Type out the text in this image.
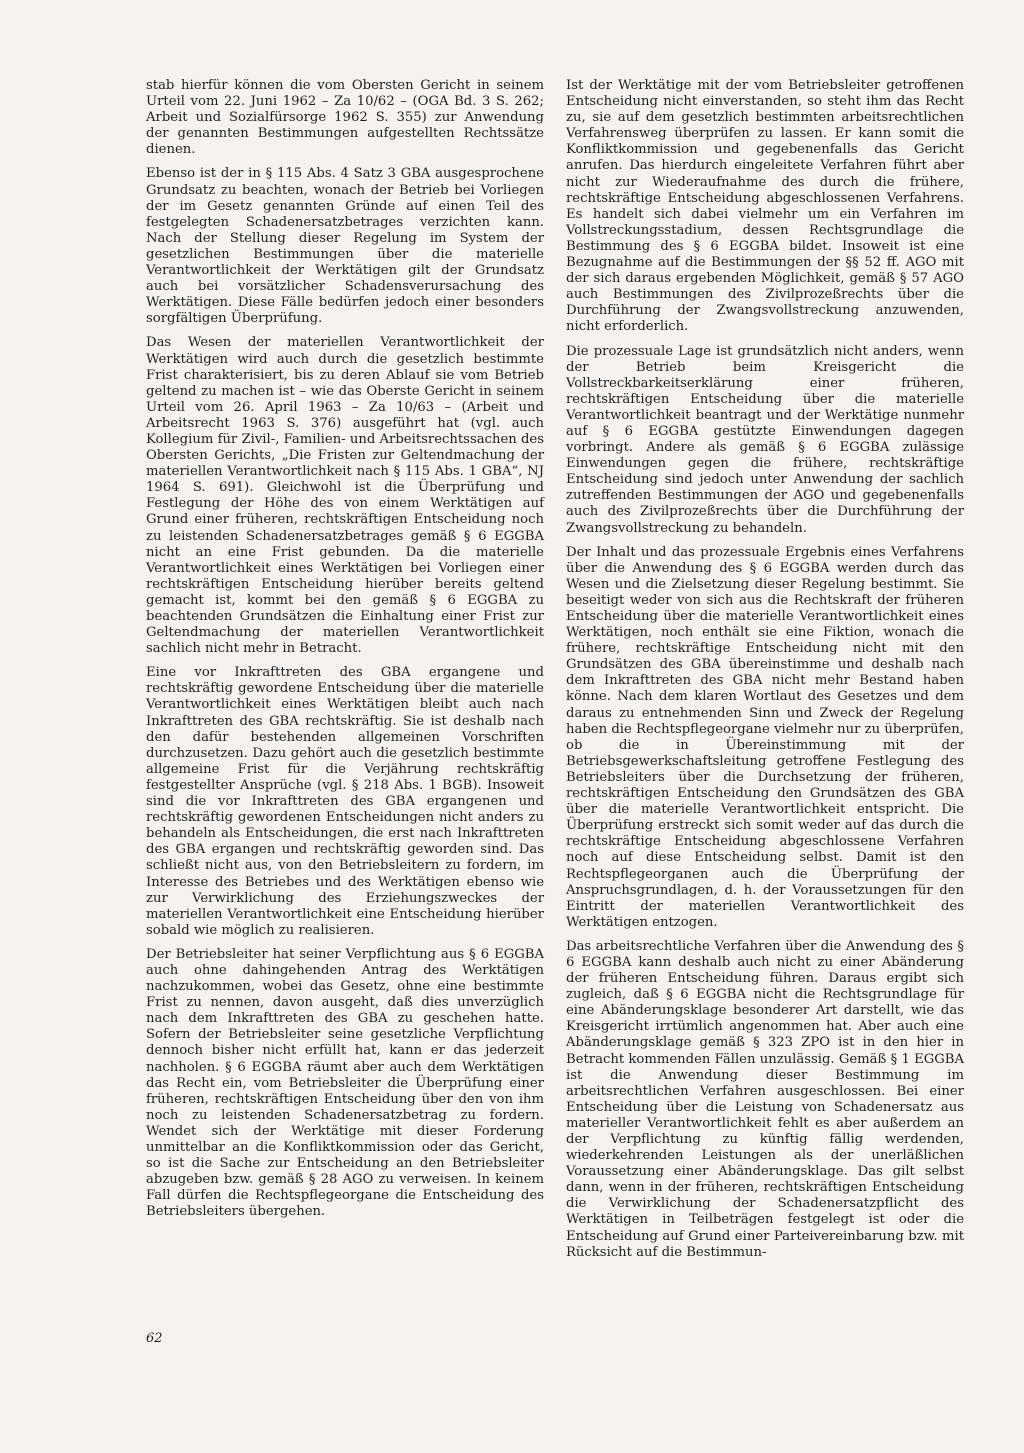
stab hierfür können die vom Obersten Gericht in seinem Urteil vom 22. Juni 1962 – Za 10/62 – (OGA Bd. 3 S. 262; Arbeit und Sozialfürsorge 1962 S. 355) zur Anwendung der genannten Bestimmungen aufgestellten Rechtssätze dienen.

Ebenso ist der in § 115 Abs. 4 Satz 3 GBA ausgesprochene Grundsatz zu beachten, wonach der Betrieb bei Vorliegen der im Gesetz genannten Gründe auf einen Teil des festgelegten Schadenersatzbetrages verzichten kann. Nach der Stellung dieser Regelung im System der gesetzlichen Bestimmungen über die materielle Verantwortlichkeit der Werktätigen gilt der Grundsatz auch bei vorsätzlicher Schadensverursachung des Werktätigen. Diese Fälle bedürfen jedoch einer besonders sorgfältigen Überprüfung.

Das Wesen der materiellen Verantwortlichkeit der Werktätigen wird auch durch die gesetzlich bestimmte Frist charakterisiert, bis zu deren Ablauf sie vom Betrieb geltend zu machen ist – wie das Oberste Gericht in seinem Urteil vom 26. April 1963 – Za 10/63 – (Arbeit und Arbeitsrecht 1963 S. 376) ausgeführt hat (vgl. auch Kollegium für Zivil-, Familien- und Arbeitsrechtssachen des Obersten Gerichts, „Die Fristen zur Geltendmachung der materiellen Verantwortlichkeit nach § 115 Abs. 1 GBA“, NJ 1964 S. 691). Gleichwohl ist die Überprüfung und Festlegung der Höhe des von einem Werktätigen auf Grund einer früheren, rechtskräftigen Entscheidung noch zu leistenden Schadenersatzbetrages gemäß § 6 EGGBA nicht an eine Frist gebunden. Da die materielle Verantwortlichkeit eines Werktätigen bei Vorliegen einer rechtskräftigen Entscheidung hierüber bereits geltend gemacht ist, kommt bei den gemäß § 6 EGGBA zu beachtenden Grundsätzen die Einhaltung einer Frist zur Geltendmachung der materiellen Verantwortlichkeit sachlich nicht mehr in Betracht.

Eine vor Inkrafttreten des GBA ergangene und rechtskräftig gewordene Entscheidung über die materielle Verantwortlichkeit eines Werktätigen bleibt auch nach Inkrafttreten des GBA rechtskräftig. Sie ist deshalb nach den dafür bestehenden allgemeinen Vorschriften durchzusetzen. Dazu gehört auch die gesetzlich bestimmte allgemeine Frist für die Verjährung rechtskräftig festgestellter Ansprüche (vgl. § 218 Abs. 1 BGB). Insoweit sind die vor Inkrafttreten des GBA ergangenen und rechtskräftig gewordenen Entscheidungen nicht anders zu behandeln als Entscheidungen, die erst nach Inkrafttreten des GBA ergangen und rechtskräftig geworden sind. Das schließt nicht aus, von den Betriebsleitern zu fordern, im Interesse des Betriebes und des Werktätigen ebenso wie zur Verwirklichung des Erziehungszweckes der materiellen Verantwortlichkeit eine Entscheidung hierüber sobald wie möglich zu realisieren.

Der Betriebsleiter hat seiner Verpflichtung aus § 6 EGGBA auch ohne dahingehenden Antrag des Werktätigen nachzukommen, wobei das Gesetz, ohne eine bestimmte Frist zu nennen, davon ausgeht, daß dies unverzüglich nach dem Inkrafttreten des GBA zu geschehen hatte. Sofern der Betriebsleiter seine gesetzliche Verpflichtung dennoch bisher nicht erfüllt hat, kann er das jederzeit nachholen. § 6 EGGBA räumt aber auch dem Werktätigen das Recht ein, vom Betriebsleiter die Überprüfung einer früheren, rechtskräftigen Entscheidung über den von ihm noch zu leistenden Schadenersatzbetrag zu fordern. Wendet sich der Werktätige mit dieser Forderung unmittelbar an die Konfliktkommission oder das Gericht, so ist die Sache zur Entscheidung an den Betriebsleiter abzugeben bzw. gemäß § 28 AGO zu verweisen. In keinem Fall dürfen die Rechtspflegeorgane die Entscheidung des Betriebsleiters übergehen.

Ist der Werktätige mit der vom Betriebsleiter getroffenen Entscheidung nicht einverstanden, so steht ihm das Recht zu, sie auf dem gesetzlich bestimmten arbeitsrechtlichen Verfahrensweg überprüfen zu lassen. Er kann somit die Konfliktkommission und gegebenenfalls das Gericht anrufen. Das hierdurch eingeleitete Verfahren führt aber nicht zur Wiederaufnahme des durch die frühere, rechtskräftige Entscheidung abgeschlossenen Verfahrens. Es handelt sich dabei vielmehr um ein Verfahren im Vollstreckungsstadium, dessen Rechtsgrundlage die Bestimmung des § 6 EGGBA bildet. Insoweit ist eine Bezugnahme auf die Bestimmungen der §§ 52 ff. AGO mit der sich daraus ergebenden Möglichkeit, gemäß § 57 AGO auch Bestimmungen des Zivilprozeßrechts über die Durchführung der Zwangsvollstreckung anzuwenden, nicht erforderlich.

Die prozessuale Lage ist grundsätzlich nicht anders, wenn der Betrieb beim Kreisgericht die Vollstreckbarkeitserklärung einer früheren, rechtskräftigen Entscheidung über die materielle Verantwortlichkeit beantragt und der Werktätige nunmehr auf § 6 EGGBA gestützte Einwendungen dagegen vorbringt. Andere als gemäß § 6 EGGBA zulässige Einwendungen gegen die frühere, rechtskräftige Entscheidung sind jedoch unter Anwendung der sachlich zutreffenden Bestimmungen der AGO und gegebenenfalls auch des Zivilprozeßrechts über die Durchführung der Zwangsvollstreckung zu behandeln.

Der Inhalt und das prozessuale Ergebnis eines Verfahrens über die Anwendung des § 6 EGGBA werden durch das Wesen und die Zielsetzung dieser Regelung bestimmt. Sie beseitigt weder von sich aus die Rechtskraft der früheren Entscheidung über die materielle Verantwortlichkeit eines Werktätigen, noch enthält sie eine Fiktion, wonach die frühere, rechtskräftige Entscheidung nicht mit den Grundsätzen des GBA übereinstimme und deshalb nach dem Inkrafttreten des GBA nicht mehr Bestand haben könne. Nach dem klaren Wortlaut des Gesetzes und dem daraus zu entnehmenden Sinn und Zweck der Regelung haben die Rechtspflegeorgane vielmehr nur zu überprüfen, ob die in Übereinstimmung mit der Betriebsgewerkschaftsleitung getroffene Festlegung des Betriebsleiters über die Durchsetzung der früheren, rechtskräftigen Entscheidung den Grundsätzen des GBA über die materielle Verantwortlichkeit entspricht. Die Überprüfung erstreckt sich somit weder auf das durch die rechtskräftige Entscheidung abgeschlossene Verfahren noch auf diese Entscheidung selbst. Damit ist den Rechtspflegeorganen auch die Überprüfung der Anspruchsgrundlagen, d. h. der Voraussetzungen für den Eintritt der materiellen Verantwortlichkeit des Werktätigen entzogen.

Das arbeitsrechtliche Verfahren über die Anwendung des § 6 EGGBA kann deshalb auch nicht zu einer Abänderung der früheren Entscheidung führen. Daraus ergibt sich zugleich, daß § 6 EGGBA nicht die Rechtsgrundlage für eine Abänderungsklage besonderer Art darstellt, wie das Kreisgericht irrtümlich angenommen hat. Aber auch eine Abänderungsklage gemäß § 323 ZPO ist in den hier in Betracht kommenden Fällen unzulässig. Gemäß § 1 EGGBA ist die Anwendung dieser Bestimmung im arbeitsrechtlichen Verfahren ausgeschlossen. Bei einer Entscheidung über die Leistung von Schadenersatz aus materieller Verantwortlichkeit fehlt es aber außerdem an der Verpflichtung zu künftig fällig werdenden, wiederkehrenden Leistungen als der unerläßlichen Voraussetzung einer Abänderungsklage. Das gilt selbst dann, wenn in der früheren, rechtskräftigen Entscheidung die Verwirklichung der Schadenersatzpflicht des Werktätigen in Teilbeträgen festgelegt ist oder die Entscheidung auf Grund einer Parteivereinbarung bzw. mit Rücksicht auf die Bestimmun-

62
